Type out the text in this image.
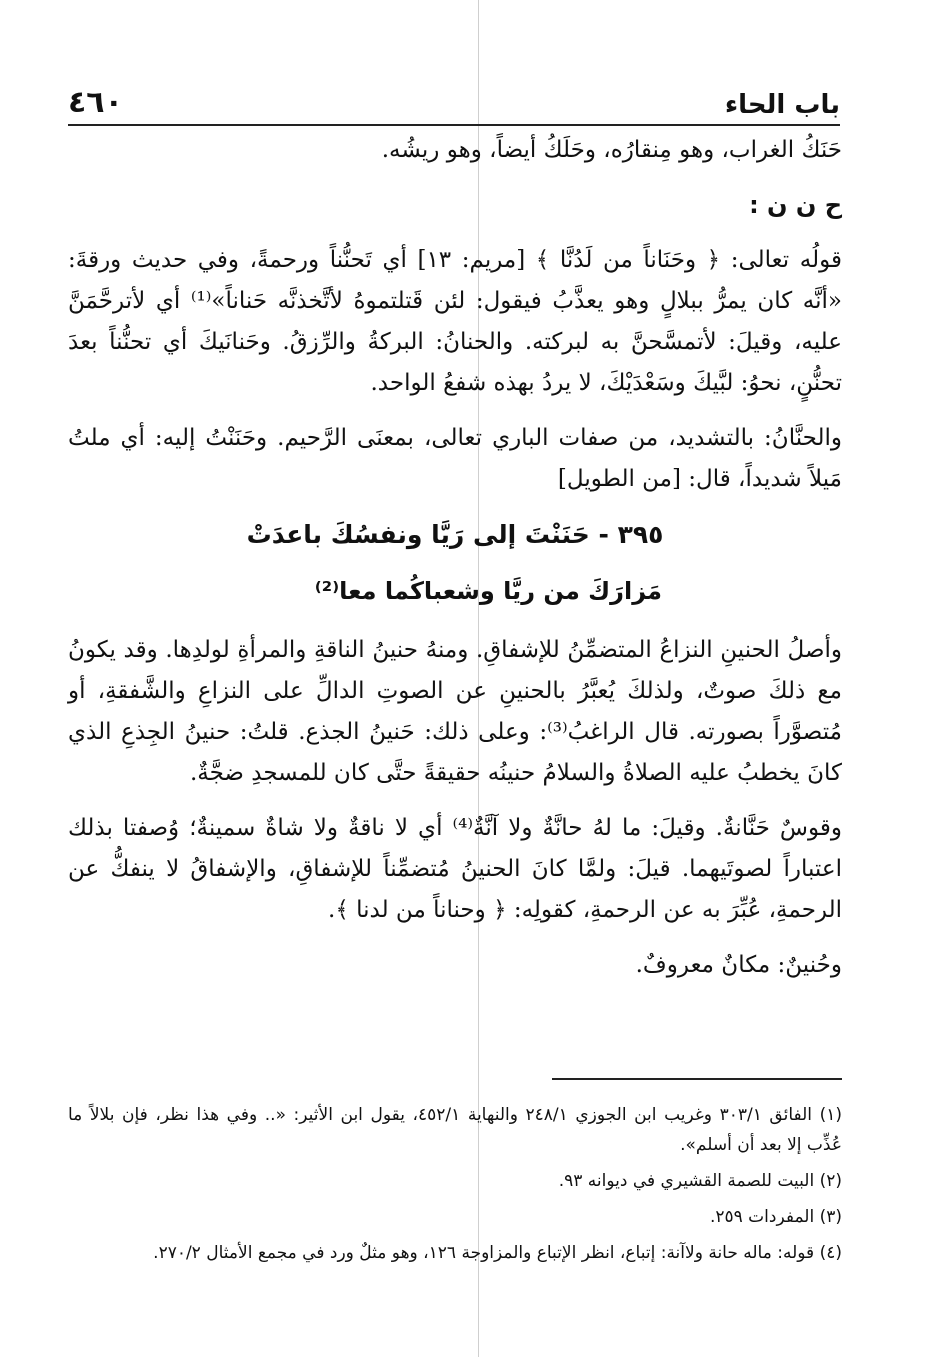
باب الحاء
٤٦٠

حَنَكُ الغراب، وهو مِنقارُه، وحَلَكُ أيضاً، وهو ريشُه.

ح ن ن :

قولُه تعالى: ﴿ وحَنَاناً من لَدُنَّا ﴾ [مريم: ١٣] أي تَحنُّناً ورحمةً، وفي حديث ورقةَ: «أنَّه كان يمرُّ ببلالٍ وهو يعذَّبُ فيقول: لئن قَتلتموهُ لأتَّخذنَّه حَناناً»⁽¹⁾ أي لأترحَّمَنَّ عليه، وقيلَ: لأتمسَّحنَّ به لبركته. والحنانُ: البركةُ والرِّزقُ. وحَنانَيكَ أي تحنُّناً بعدَ تحنُّنٍ، نحوُ: لبَّيكَ وسَعْدَيْكَ، لا يردُ بهذه شفعُ الواحد.

والحنَّانُ: بالتشديد، من صفات الباري تعالى، بمعنَى الرَّحيم. وحَنَنْتُ إليه: أي ملتُ مَيلاً شديداً، قال: [من الطويل]

٣٩٥ - حَنَنْتَ إلى رَيَّا ونفسُكَ باعدَتْ
مَزارَكَ من ريَّا وشعباكُما معا⁽²⁾

وأصلُ الحنينِ النزاعُ المتضمِّنُ للإشفاقِ. ومنهُ حنينُ الناقةِ والمرأةِ لولدِها. وقد يكونُ مع ذلكَ صوتٌ، ولذلكَ يُعبَّرُ بالحنينِ عن الصوتِ الدالِّ على النزاعِ والشَّفقةِ، أو مُتصوَّراً بصورته. قال الراغبُ⁽³⁾: وعلى ذلك: حَنينُ الجذع. قلتُ: حنينُ الجِذعِ الذي كانَ يخطبُ عليه الصلاةُ والسلامُ حنينُه حقيقةً حتَّى كان للمسجدِ ضجَّةٌ.

وقوسٌ حَنَّانةٌ. وقيلَ: ما لهُ حانَّةٌ ولا آنَّةٌ⁽⁴⁾ أي لا ناقةٌ ولا شاةٌ سمينةٌ؛ وُصفتا بذلك اعتباراً لصوتَيهما. قيلَ: ولمَّا كانَ الحنينُ مُتضمِّناً للإشفاقِ، والإشفاقُ لا ينفكُّ عن الرحمةِ، عُبِّرَ به عن الرحمةِ، كقولِه: ﴿ وحناناً من لدنا ﴾.

وحُنينٌ: مكانٌ معروفٌ.

(١) الفائق ٣٠٣/١ وغريب ابن الجوزي ٢٤٨/١ والنهاية ٤٥٢/١، يقول ابن الأثير: «.. وفي هذا نظر، فإن بلالاً ما عُذِّب إلا بعد أن أسلم».

(٢) البيت للصمة القشيري في ديوانه ٩٣.

(٣) المفردات ٢٥٩.

(٤) قوله: ماله حانة ولاآنة: إتباع، انظر الإتباع والمزاوجة ١٢٦، وهو مثلٌ ورد في مجمع الأمثال ٢٧٠/٢.
